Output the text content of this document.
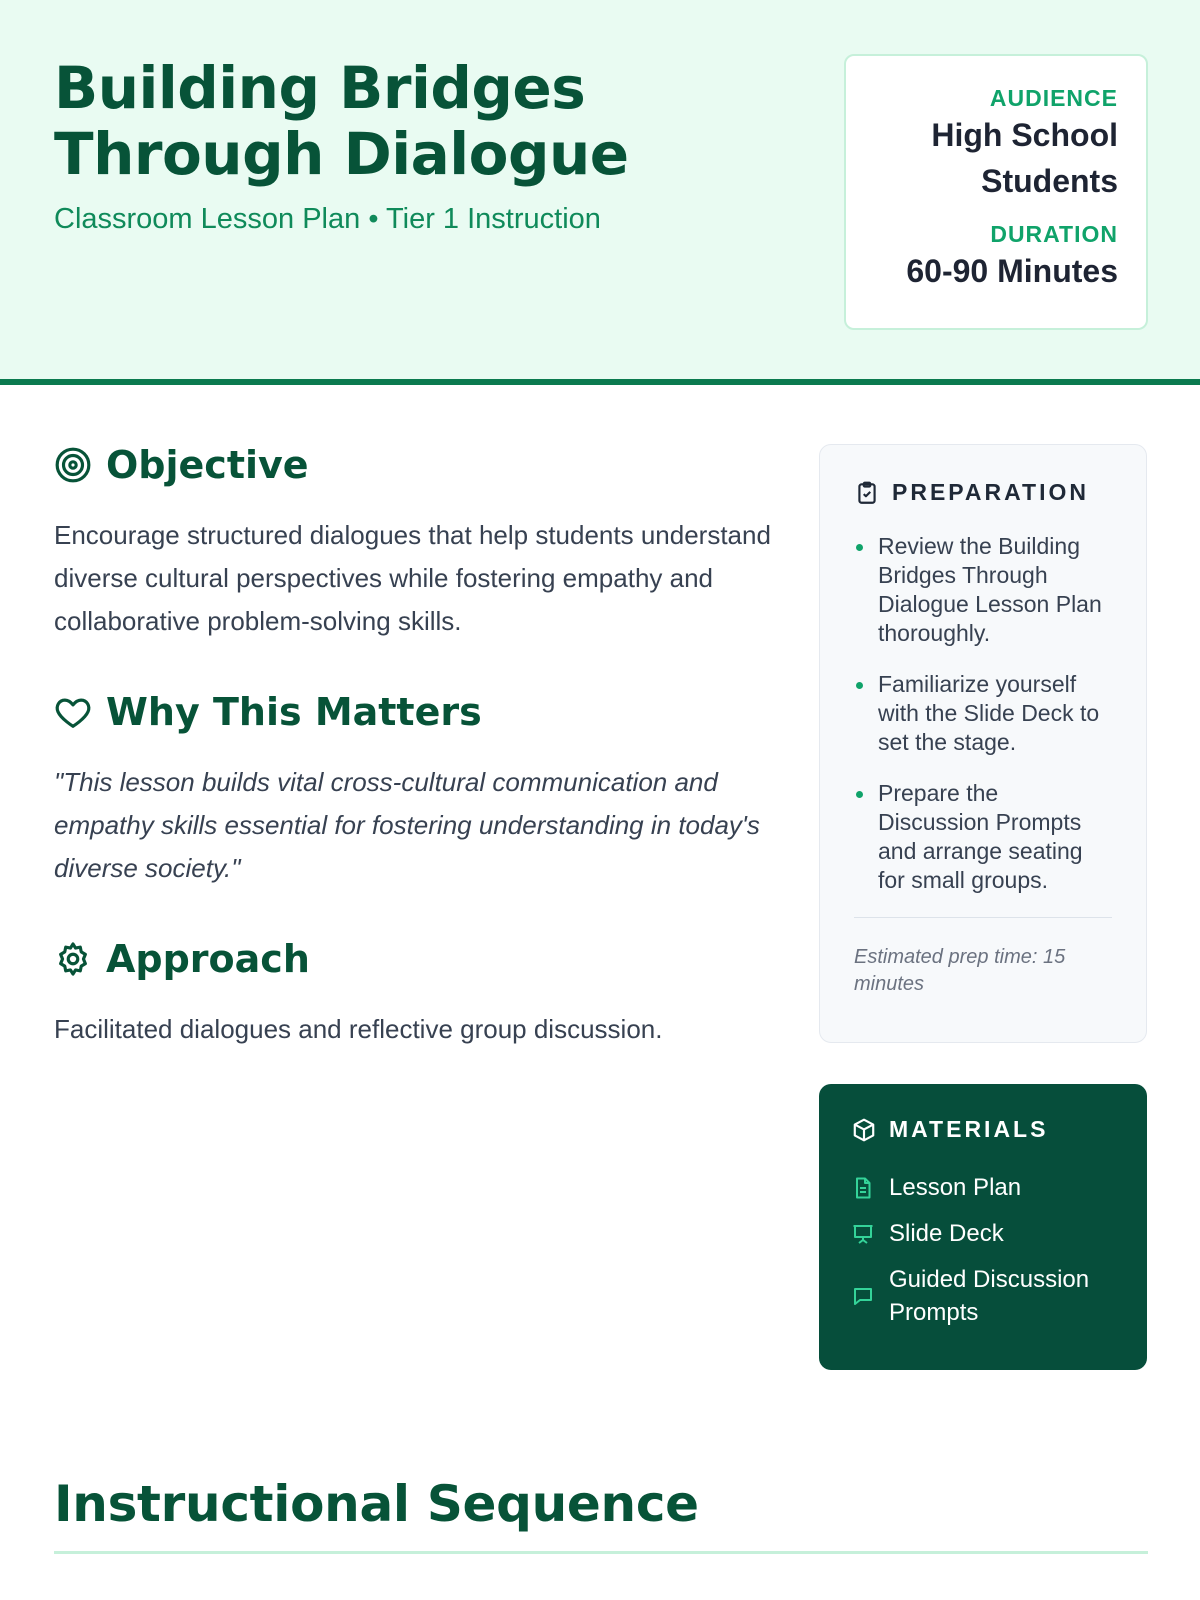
Building Bridges Through Dialogue
Classroom Lesson Plan • Tier 1 Instruction
AUDIENCE
High School Students
DURATION
60-90 Minutes
Objective

Encourage structured dialogues that help students understand diverse cultural perspectives while fostering empathy and collaborative problem-solving skills.

Why This Matters

"This lesson builds vital cross-cultural communication and empathy skills essential for fostering understanding in today's diverse society."

Approach

Facilitated dialogues and reflective group discussion.

PREPARATION
Review the Building Bridges Through Dialogue Lesson Plan thoroughly.
Familiarize yourself with the Slide Deck to set the stage.
Prepare the Discussion Prompts and arrange seating for small groups.
Estimated prep time: 15 minutes
MATERIALS
Lesson Plan
Slide Deck
Guided Discussion Prompts
Instructional Sequence
